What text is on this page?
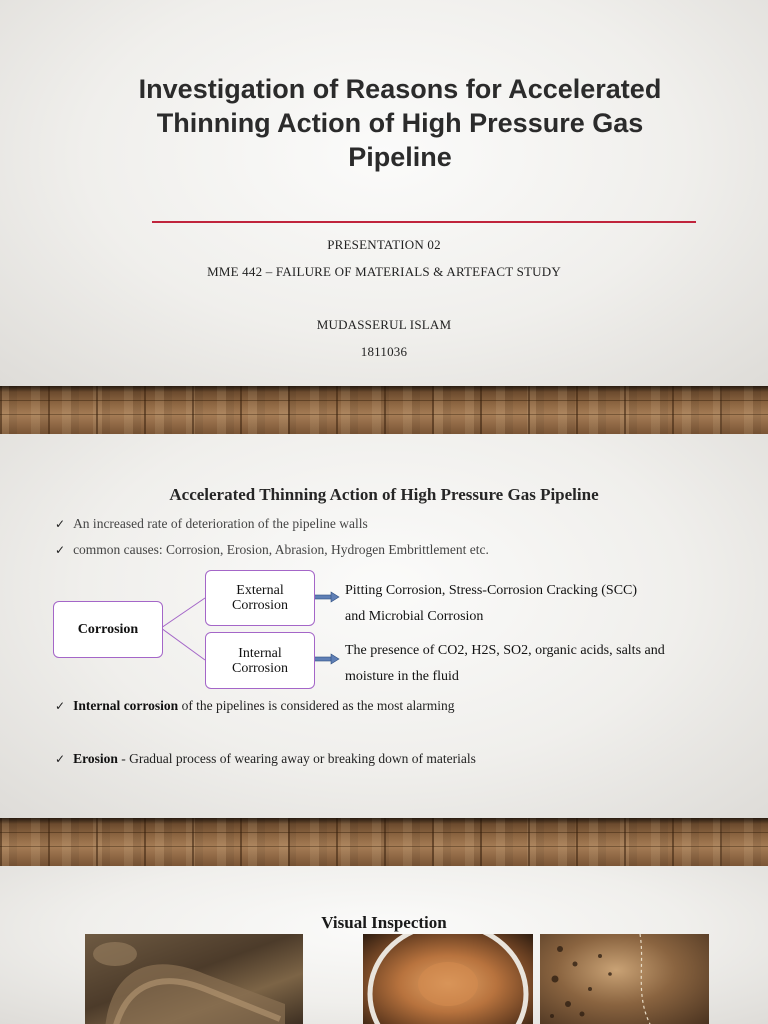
Investigation of Reasons for Accelerated
Thinning Action of High Pressure Gas
Pipeline
PRESENTATION 02
MME 442 – FAILURE OF MATERIALS & ARTEFACT STUDY
MUDASSERUL ISLAM
1811036
Accelerated Thinning Action of High Pressure Gas Pipeline
✓ An increased rate of deterioration of the pipeline walls
✓ common causes: Corrosion, Erosion, Abrasion, Hydrogen Embrittlement etc.
Corrosion
External
Corrosion
Internal
Corrosion
Pitting Corrosion, Stress-Corrosion Cracking (SCC)
and Microbial Corrosion
The presence of CO2, H2S, SO2, organic acids, salts and
moisture in the fluid
✓ Internal corrosion of the pipelines is considered as the most alarming
✓ Erosion - Gradual process of wearing away or breaking down of materials
Visual Inspection
